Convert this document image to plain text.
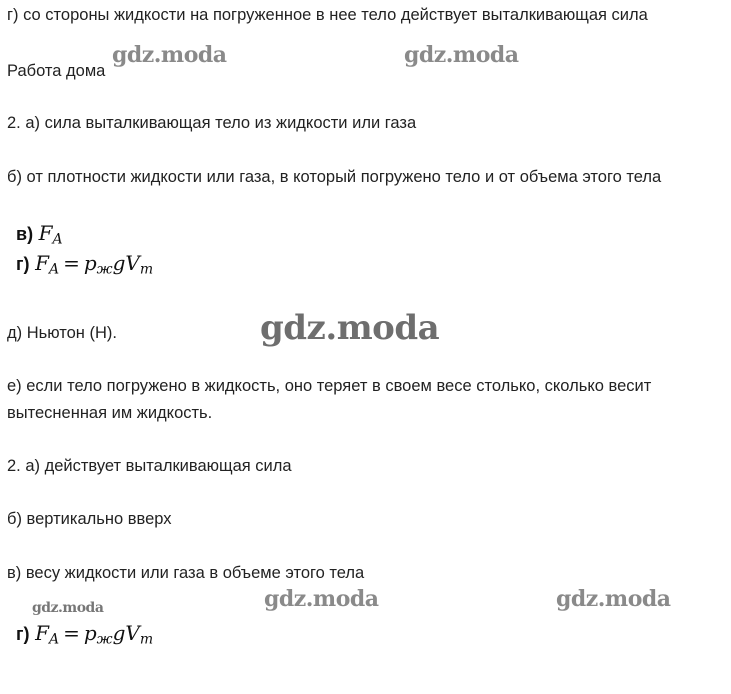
г) со стороны жидкости на погруженное в нее тело действует выталкивающая сила
Работа дома
2. а) сила выталкивающая тело из жидкости или газа
б) от плотности жидкости или газа, в который погружено тело и от объема этого тела
в) $F_A$
г) $F_A = p_жgV_m$
д) Ньютон (Н).
е) если тело погружено в жидкость, оно теряет в своем весе столько, сколько весит
вытесненная им жидкость.
2. а) действует выталкивающая сила
б) вертикально вверх
в) весу жидкости или газа в объеме этого тела
г) $F_A = p_жgV_m$
gdz.moda	gdz.moda
gdz.moda
gdz.moda	gdz.moda	gdz.moda
